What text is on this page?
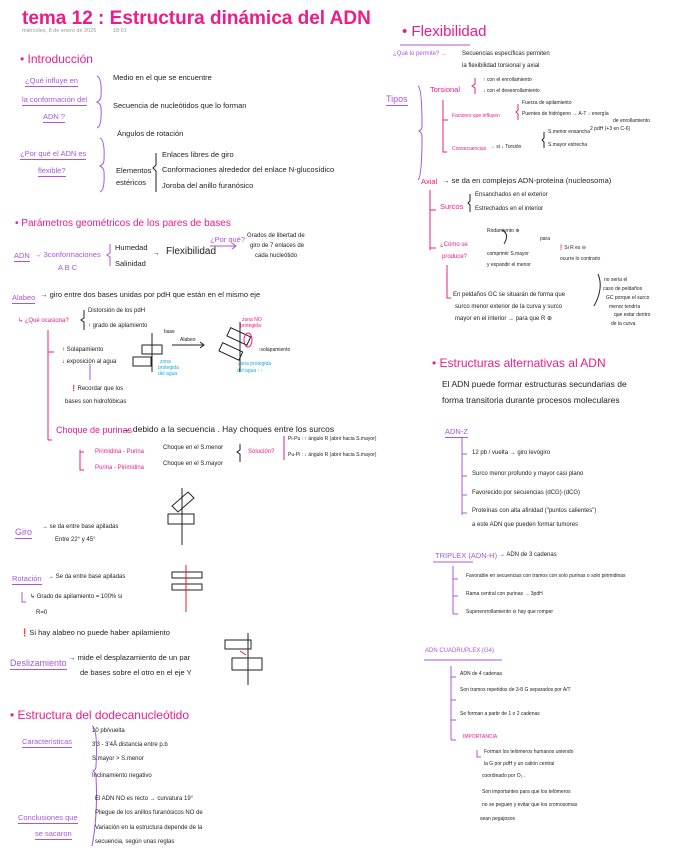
tema 12 : Estructura dinámica del ADN
miércoles, 8 de enero de 2025	18:01
• Introducción
¿Qué influye en
la conformación del
ADN ?
Medio en el que se encuentre
Secuencia de nucleótidos que lo forman
Ángulos de rotación
¿Por qué el ADN es
flexible?	Elementos
estéricos
Enlaces libres de giro
Conformaciones alrededor del enlace N-glucosídico
Joroba del anillo furanósico
• Parámetros geométricos de los pares de bases
ADN → 3conformaciones
A B C
Humedad
Salinidad
→ Flexibilidad
¿Por qué? Grados de libertad de
giro de 7 enlaces de
cada nucleótido
Alabeo → giro entre dos bases unidas por pdH que están en el mismo eje
↳ ¿Qué ocasiona?
Distorsión de los pdH
↑ grado de aplamiento
↑ Solapamiento
↓ exposición al agua
❗Recordar que los
bases son hidrofóbicas
base
Alabeo
zona
protegida
del agua
zona NO
protegida
zona protegida
del agua ↑↑
↑solapamiento
Choque de purinas
→ debido a la secuencia . Hay choques entre los surcos
Pirimidina - Purina
Purina - Pirimidina
Choque en el S.menor
Choque en el S.mayor
Solución?
Pi-Pu : ↑ ángulo R (abrir hacia S.mayor)
Pu-Pi : ↓ ángulo R (abrir hacia S.mayor)
Giro → se da entre base apiladas
Entre 22° y 45°
Rotación → Se da entre base apiladas
↳ Grado de apilamiento = 100% si
R=0
❗Si hay alabeo no puede haber apilamiento
Deslizamiento
→ mide el desplazamiento de un par
de bases sobre el otro en el eje Y
• Estructura del dodecanucleótido
Características
10 pb/vuelta
3'3 - 3'4Å distancia entre p.b
S.mayor > S.menor
Inclinamiento negativo
Conclusiones que
se sacaron
El ADN NO es recto → curvatura 19°
Pliegue de los anillos furanósicos NO de
Variación en la estructura depende de la
secuencia, según unas reglas
• Flexibilidad
¿Qué lo permite? → Secuencias específicas permiten
la flexibilidad torsional y axial
Tipos
Torsional
↑ con el enrollamiento
↓ con el desenrollamiento
Factores que influyen
Fuerza de apilamiento
Puentes de hidrógeno → A-T ↓ energía
de enrollamiento
2 pdH (+3 en C-6)
Consecuencias → si ↓ Torsión
S.menor ensancha
S.mayor estrecha
Axial → se da en complejos ADN-proteína (nucleosoma)
Surcos
Ensanchados en el exterior
Estrechados en el interior
¿Cómo se
produce?
Rodamiento ⊕
para
comprimir S.mayor
y expandir el menor
❗Si R es ⊖
ocurre lo contrario
no sería el
caso de peldaños
GC porque el surco
menor tendría
que estar dentro
de la curva
En peldaños GC se situarán de forma que
surco menor exterior de la curva y surco
mayor en el interior → para que R ⊕
• Estructuras alternativas al ADN
El ADN puede formar estructuras secundarias de
forma transitoria durante procesos moleculares
ADN-Z
12 pb / vuelta → giro levógiro
Surco menor profundo y mayor casi plano
Favorecido por secuencias (dCG)·(dCG)
Proteínas con alta afinidad ("puntos calientes")
a este ADN que pueden formar tumores
TRIPLEX (ADN-H) → ADN de 3 cadenas
Favorable en secuencias con tramos con solo purinas o solo pirimidinas
Rama central con purinas → 3pdH
Superenrrollamiento ⊖ hay que romper
ADN CUADRUPLEX (G4)
ADN de 4 cadenas
Son tramos repetidos de 3-8 G separados por A/T
Se forman a partir de 1 o 2 cadenas
IMPORTANCIA
Forman los telómeros humanos uniendo
la G por pdH y un catión central
coordinado por O₂ .
Son importantes para que los telómeros
no se peguen y evitar que los cromosomas
sean pegajosos
